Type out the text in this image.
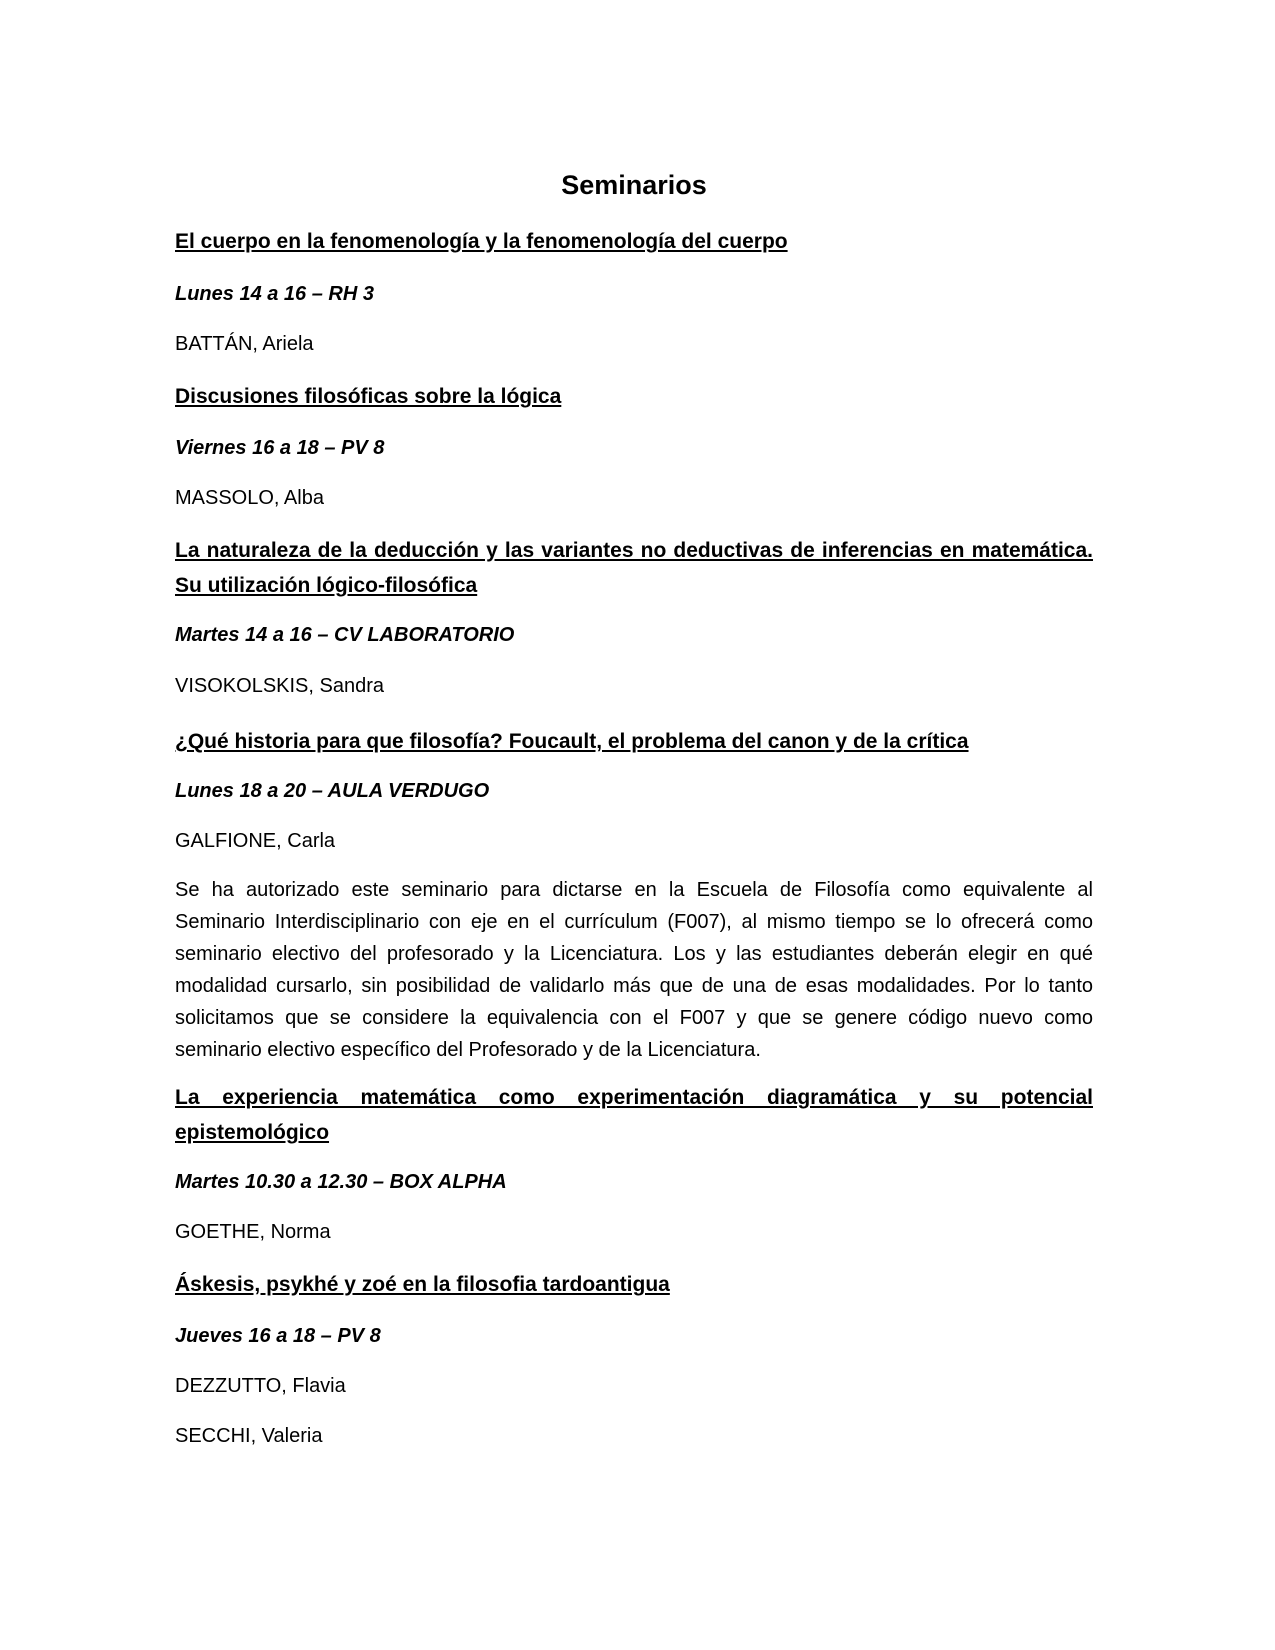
Seminarios

El cuerpo en la fenomenología y la fenomenología del cuerpo

Lunes 14 a 16 – RH 3

BATTÁN, Ariela

Discusiones filosóficas sobre la lógica

Viernes 16 a 18 – PV 8

MASSOLO, Alba

La naturaleza de la deducción y las variantes no deductivas de inferencias en matemática. Su utilización lógico-filosófica

Martes 14 a 16 – CV LABORATORIO

VISOKOLSKIS, Sandra

¿Qué historia para que filosofía? Foucault, el problema del canon y de la crítica

Lunes 18 a 20 – AULA VERDUGO

GALFIONE, Carla

Se ha autorizado este seminario para dictarse en la Escuela de Filosofía como equivalente al Seminario Interdisciplinario con eje en el currículum (F007), al mismo tiempo se lo ofrecerá como seminario electivo del profesorado y la Licenciatura. Los y las estudiantes deberán elegir en qué modalidad cursarlo, sin posibilidad de validarlo más que de una de esas modalidades. Por lo tanto solicitamos que se considere la equivalencia con el F007 y que se genere código nuevo como seminario electivo específico del Profesorado y de la Licenciatura.

La experiencia matemática como experimentación diagramática y su potencial epistemológico

Martes 10.30 a 12.30 – BOX ALPHA

GOETHE, Norma

Áskesis, psykhé y zoé en la filosofia tardoantigua

Jueves 16 a 18 – PV 8

DEZZUTTO, Flavia

SECCHI, Valeria
